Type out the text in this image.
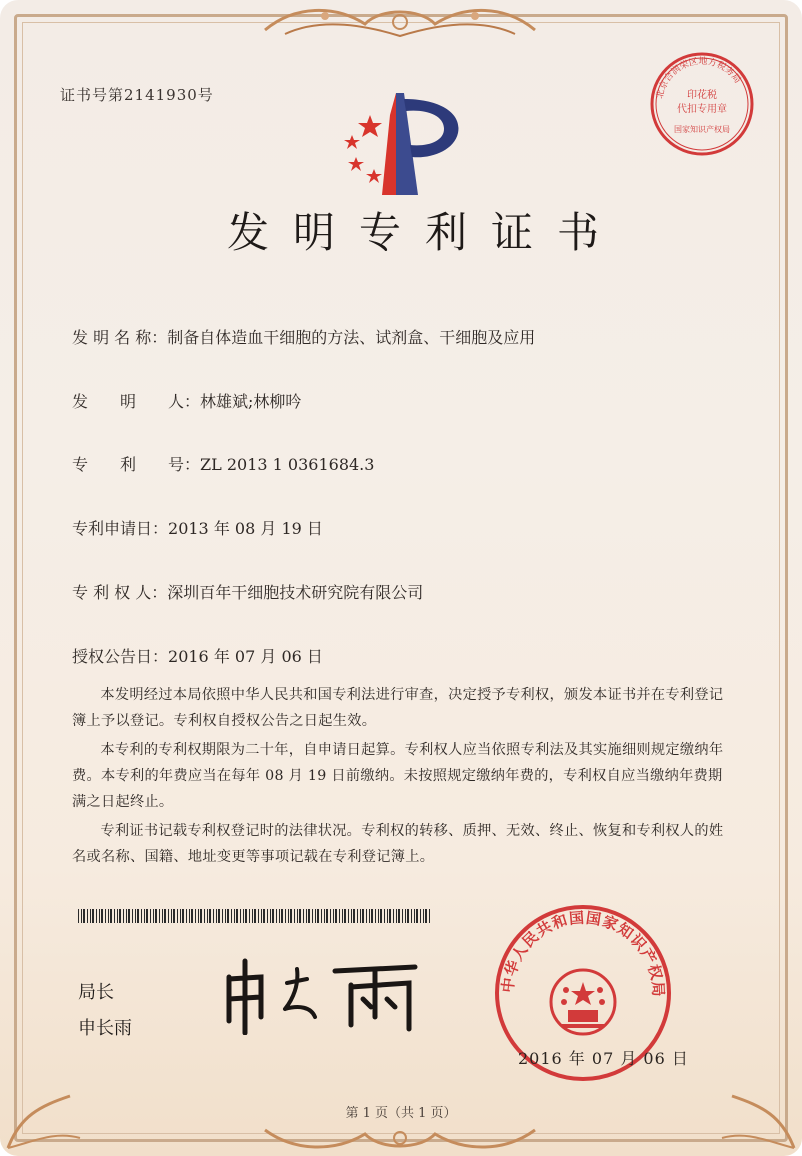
证书号第2141930号
发明专利证书
发 明 名 称：制备自体造血干细胞的方法、试剂盒、干细胞及应用
发　　明　　人：林雄斌;林柳吟
专　　利　　号：ZL 2013 1 0361684.3
专利申请日：2013 年 08 月 19 日
专 利 权 人：深圳百年干细胞技术研究院有限公司
授权公告日：2016 年 07 月 06 日

本发明经过本局依照中华人民共和国专利法进行审查，决定授予专利权，颁发本证书并在专利登记簿上予以登记。专利权自授权公告之日起生效。

本专利的专利权期限为二十年，自申请日起算。专利权人应当依照专利法及其实施细则规定缴纳年费。本专利的年费应当在每年 08 月 19 日前缴纳。未按照规定缴纳年费的，专利权自应当缴纳年费期满之日起终止。

专利证书记载专利权登记时的法律状况。专利权的转移、质押、无效、终止、恢复和专利权人的姓名或名称、国籍、地址变更等事项记载在专利登记簿上。

局长
申长雨
北京合润荣区地方税务局
印花税
代扣专用章
国家知识产权局
中华人民共和国国家知识产权局
2016 年 07 月 06 日
第 1 页（共 1 页）
